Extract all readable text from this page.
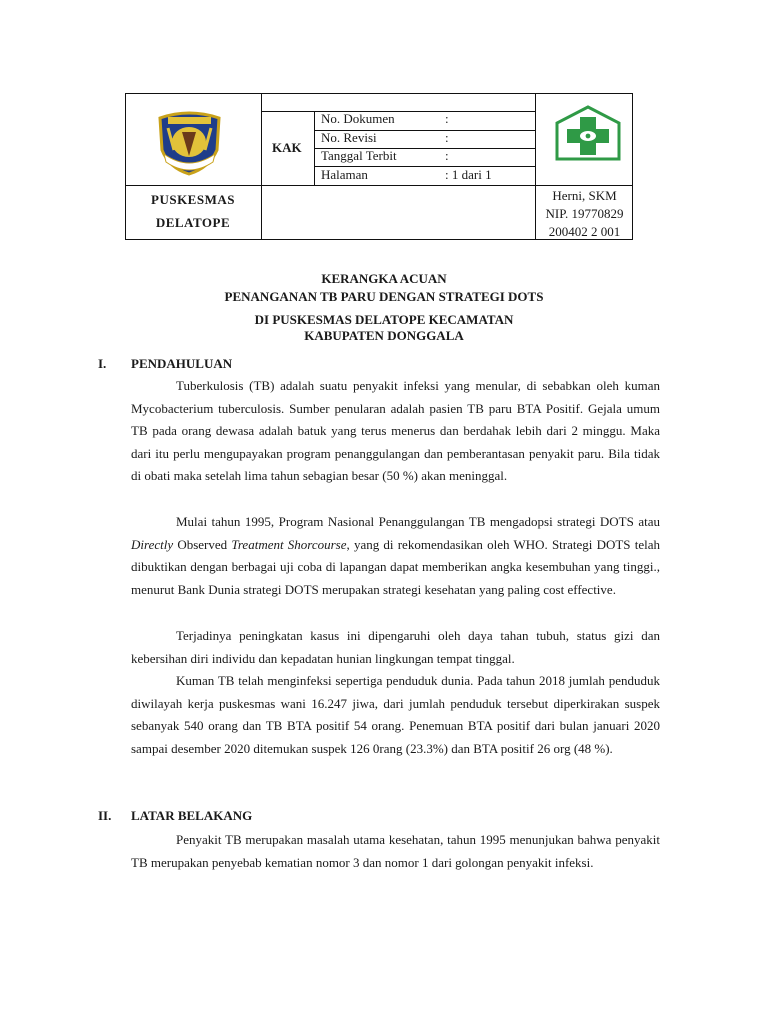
KAK
No. Dokumen	:
No. Revisi	:
Tanggal Terbit	:
Halaman	: 1 dari 1
PUSKESMAS
DELATOPE
Herni, SKM
NIP. 19770829
200402 2 001
KERANGKA ACUAN
PENANGANAN TB PARU DENGAN STRATEGI DOTS
DI PUSKESMAS DELATOPE KECAMATAN
KABUPATEN DONGGALA
I. PENDAHULUAN

Tuberkulosis (TB) adalah suatu penyakit infeksi yang menular, di sebabkan oleh kuman Mycobacterium tuberculosis. Sumber penularan adalah pasien TB paru BTA Positif. Gejala umum TB pada orang dewasa adalah batuk yang terus menerus dan berdahak lebih dari 2 minggu. Maka dari itu perlu mengupayakan program penanggulangan dan pemberantasan penyakit paru. Bila tidak di obati maka setelah lima tahun sebagian besar (50 %) akan meninggal.

Mulai tahun 1995, Program Nasional Penanggulangan TB mengadopsi strategi DOTS atau Directly Observed Treatment Shorcourse, yang di rekomendasikan oleh WHO. Strategi DOTS telah dibuktikan dengan berbagai uji coba di lapangan dapat memberikan angka kesembuhan yang tinggi., menurut Bank Dunia strategi DOTS merupakan strategi kesehatan yang paling cost effective.

Terjadinya peningkatan kasus ini dipengaruhi oleh daya tahan tubuh, status gizi dan kebersihan diri individu dan kepadatan hunian lingkungan tempat tinggal.

Kuman TB telah menginfeksi sepertiga penduduk dunia. Pada tahun 2018 jumlah penduduk diwilayah kerja puskesmas wani 16.247 jiwa, dari jumlah penduduk tersebut diperkirakan suspek sebanyak 540 orang dan TB BTA positif 54 orang. Penemuan BTA positif dari bulan januari 2020 sampai desember 2020 ditemukan suspek 126 0rang (23.3%) dan BTA positif 26 org (48 %).

II. LATAR BELAKANG

Penyakit TB merupakan masalah utama kesehatan, tahun 1995 menunjukan bahwa penyakit TB merupakan penyebab kematian nomor 3 dan nomor 1 dari golongan penyakit infeksi.
